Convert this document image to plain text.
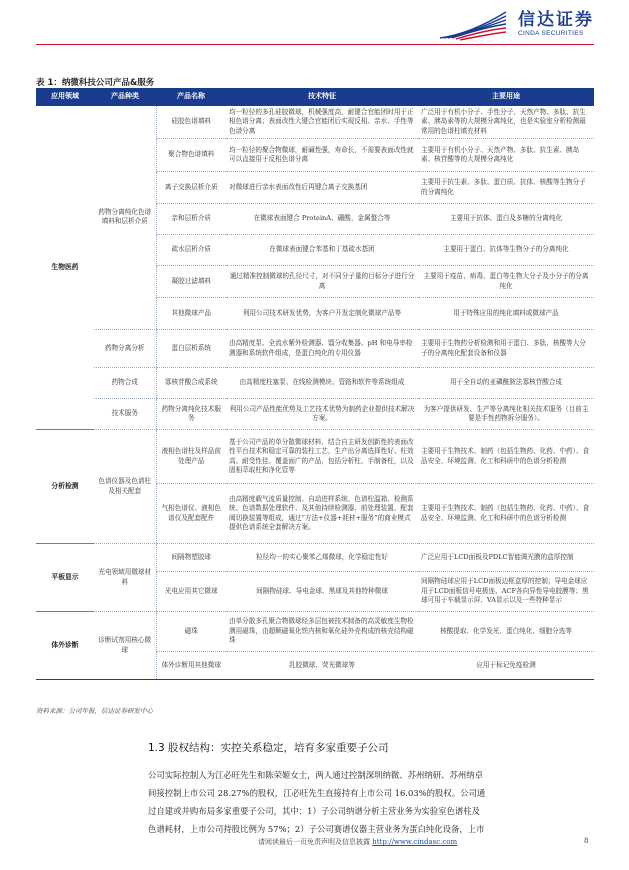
信达证券
CINDA SECURITIES
表 1：纳微科技公司产品&服务
应用领域	产品种类	产品名称	技术特征	主要用途
生物医药	药物分离纯化色谱填料和层析介质	硅胶色谱填料	均一粒径的多孔硅胶微球，机械强度高，耐键合官能团时用于正相色谱分离；表面改性大键合官能团后实现反相、亲水、手性等色谱分离	广泛用于有机小分子、手性分子、天然产物、多肽、抗生素、胰岛素等的大规模分离纯化，也是实验室分析检测最常用的色谱柱填充材料
		聚合物色谱填料	均一粒径的聚合物微球，耐碱性强，寿命长，不需要表面改性就可以直接用于反相色谱分离	主要用于有机小分子、天然产物、多肽、抗生素、胰岛素、核苷酸等的大规模分离纯化
		离子交换层析介质	对微球进行亲水表面改性后再键合离子交换基团	主要用于抗生素、多肽、蛋白质、抗体、核酸等生物分子的分离纯化
		亲和层析介质	在微球表面键合 ProteinA、硼酸、金属螯合等	主要用于抗体、蛋白及多糖的分离纯化
		疏水层析介质	在微球表面键合苯基和丁基疏水基团	主要用于蛋白、抗体等生物分子的分离纯化
		凝胶过滤填料	通过精准控制微球的孔径尺寸，对不同分子量的目标分子进行分离	主要用于疫苗、病毒、蛋白等生物大分子及小分子的分离纯化
		其他微球产品	利用公司技术研发优势，为客户开发定制化微球产品等	用于特殊应用的纯化填料或微球产品
	药物分离分析	蛋白层析系统	由高精度泵、全流水紫外检测器、馏分收集器、pH 和电导率检测器和系统软件组成，是蛋白纯化的专用仪器	主要用于生物药分析检测和用于蛋白、多肽、核酸等大分子的分离纯化配套设备和仪器
	药物合成	寡核苷酸合成系统	由高精度柱塞泵、在线检测模块、管路和软件等系统组成	用于全自动的亚磷酰胺法寡核苷酸合成
	技术服务	药物分离纯化技术服务	利用公司产品性能优势及工艺技术优势为制药企业提供技术解决方案。	为客户提供研发、生产等分离纯化相关技术服务（目前主要是手性药物拆分服务）。
分析检测	色谱仪器及色谱柱及相关配套	液相色谱柱及样品前处理产品	基于公司产品的单分散微球材料，结合自主研发创新性的表面改性平台技术和稳定可靠的装柱工艺，生产出分离选择性好、柱效高、耐受性佳、覆盖面广的产品，包括分析柱、手制备柱，以及固相萃取柱和净化管等	主要用于生物技术、制药（包括生物药、化药、中药）、食品安全、环境监测、化工和科研中的色谱分析检测
		气相色谱仪、液相色谱仪及配套配件	由高精度载气流质量控制、自动进样系统、色谱柱温箱、检测系统、色谱数据处理软件、及其他持续检测器、前处理装置、配套阀切换装置等组成，通过“方法+仪器+耗材+服务”的商业模式提供色谱系统全套解决方案。	主要用于生物技术、制药（包括生物药、化药、中药）、食品安全、环境监测、化工和科研中的色谱分析检测
平板显示	光电领域用微球材料	间隔物塑胶球	粒径均一的实心聚苯乙烯微球，化学稳定性好	广泛应用于LCD面板及PDLC智能调光膜的盒厚控制
		光电应用其它微球	间隔物硅球、导电金球、黑球及其他特种微球	间隔物硅球应用于LCD面板边框盒厚的控制；导电金球应用于LCD面板信号电极连、ACF各向异性导电胶膜等；黑球可用于车载显示屏、VA显示以及一些特种显示
体外诊断	诊断试剂用核心微球	磁珠	由单分散多孔聚合物微球经多层包被技术制备的高灵敏度生物检测用磁珠，由超顺磁氧化铁内核和氧化硅外壳构成的核壳结构磁珠	核酸提取、化学发光、蛋白纯化、细胞分选等
		体外诊断用其他微球	乳胶微球、荧光微球等	应用于标记免疫检测
资料来源：公司年报，信达证券研发中心
1.3 股权结构：实控关系稳定，培育多家重要子公司
公司实际控制人为江必旺先生和陈荣姬女士，两人通过控制深圳纳微、苏州纳研、苏州纳卓
间接控制上市公司 28.27%的股权，江必旺先生直接持有上市公司 16.03%的股权。公司通
过自建或并购布局多家重要子公司，其中：1）子公司纳谱分析主营业务为实验室色谱柱及
色谱耗材，上市公司持股比例为 57%；2）子公司赛谱仪器主营业务为蛋白纯化设备，上市
请阅读最后一页免责声明及信息披露 http://www.cindasc.com	8
